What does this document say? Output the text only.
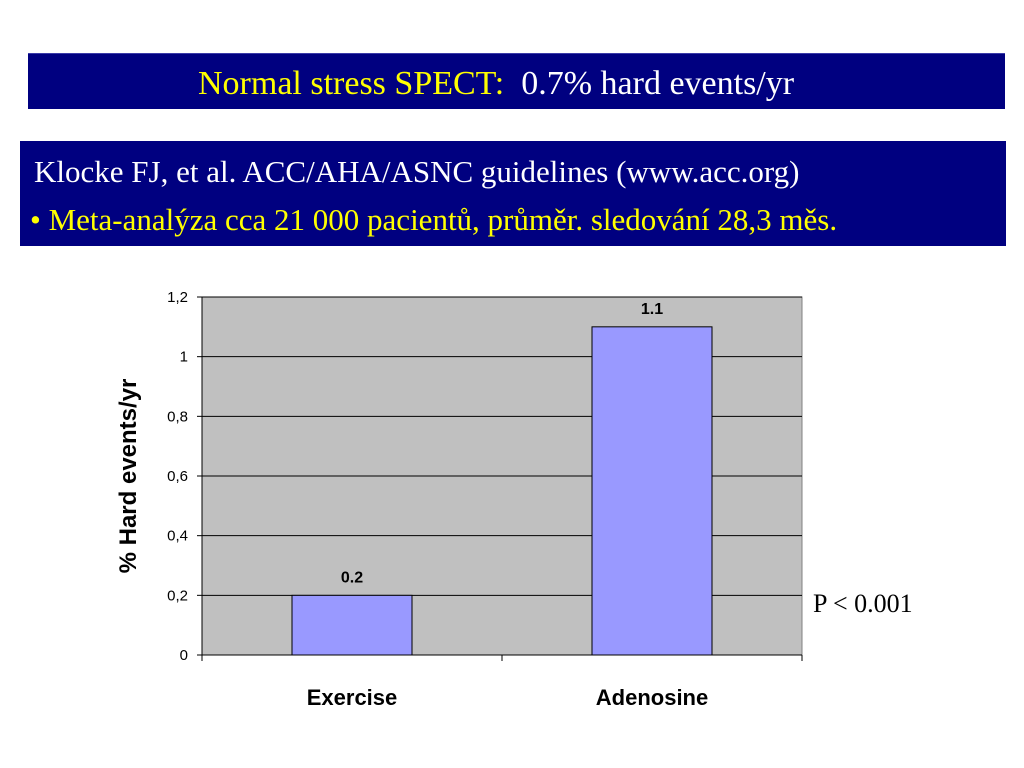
Normal stress SPECT: 0.7% hard events/yr
Klocke FJ, et al. ACC/AHA/ASNC guidelines (www.acc.org)
• Meta-analýza cca 21 000 pacientů, průměr. sledování 28,3 měs.
0
0,2
0,4
0,6
0,8
1
1,2
0.2
Exercise
1.1
Adenosine
% Hard events/yr
P < 0.001
